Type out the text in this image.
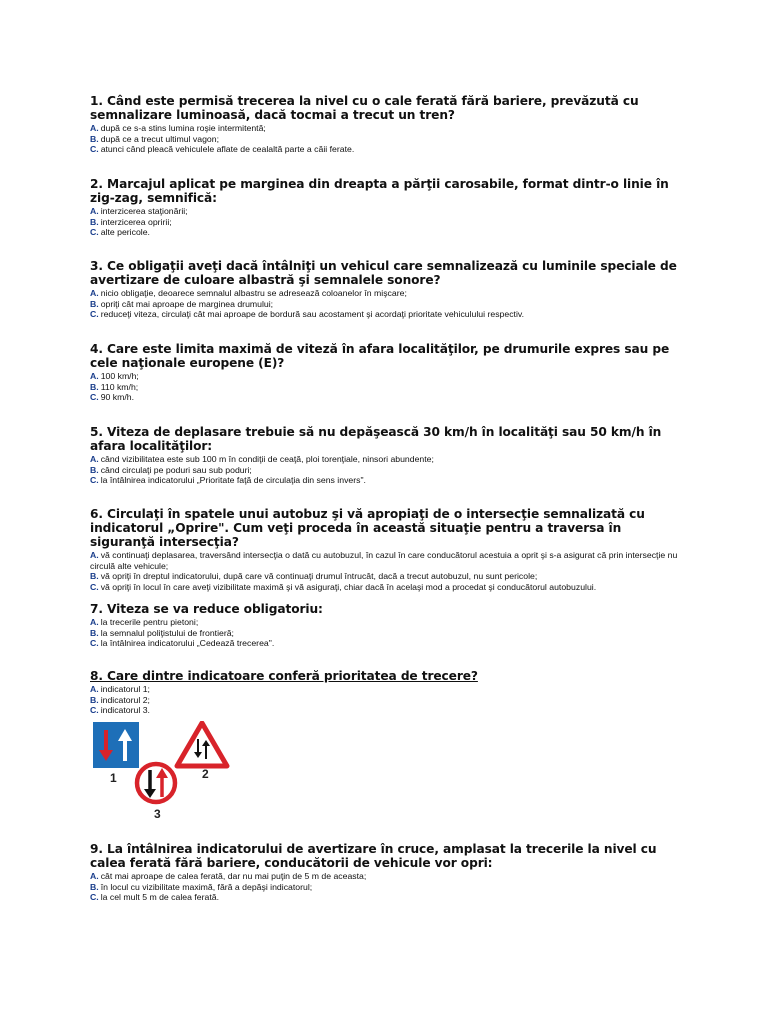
1. Când este permisă trecerea la nivel cu o cale ferată fără bariere, prevăzută cu semnalizare luminoasă, dacă tocmai a trecut un tren?
A. după ce s-a stins lumina roşie intermitentă;
B. după ce a trecut ultimul vagon;
C. atunci când pleacă vehiculele aflate de cealaltă parte a căii ferate.
2. Marcajul aplicat pe marginea din dreapta a părţii carosabile, format dintr-o linie în zig-zag, semnifică:
A. interzicerea staţionării;
B. interzicerea opririi;
C. alte pericole.
3. Ce obligaţii aveţi dacă întâlniţi un vehicul care semnalizează cu luminile speciale de avertizare de culoare albastră şi semnalele sonore?
A. nicio obligaţie, deoarece semnalul albastru se adresează coloanelor în mişcare;
B. opriţi cât mai aproape de marginea drumului;
C. reduceţi viteza, circulaţi cât mai aproape de bordură sau acostament şi acordaţi prioritate vehiculului respectiv.
4. Care este limita maximă de viteză în afara localităţilor, pe drumurile expres sau pe cele naţionale europene (E)?
A. 100 km/h;
B. 110 km/h;
C. 90 km/h.
5. Viteza de deplasare trebuie să nu depăşească 30 km/h în localităţi sau 50 km/h în afara localităţilor:
A. când vizibilitatea este sub 100 m în condiţii de ceaţă, ploi torenţiale, ninsori abundente;
B. când circulaţi pe poduri sau sub poduri;
C. la întâlnirea indicatorului „Prioritate faţă de circulaţia din sens invers".
6. Circulaţi în spatele unui autobuz şi vă apropiaţi de o intersecţie semnalizată cu indicatorul „Oprire". Cum veţi proceda în această situaţie pentru a traversa în siguranţă intersecţia?
A. vă continuaţi deplasarea, traversând intersecţia o dată cu autobuzul, în cazul în care conducătorul acestuia a oprit şi s-a asigurat că prin intersecţie nu circulă alte vehicule;
B. vă opriţi în dreptul indicatorului, după care vă continuaţi drumul întrucât, dacă a trecut autobuzul, nu sunt pericole;
C. vă opriţi în locul în care aveţi vizibilitate maximă şi vă asiguraţi, chiar dacă în acelaşi mod a procedat şi conducătorul autobuzului.
7. Viteza se va reduce obligatoriu:
A. la trecerile pentru pietoni;
B. la semnalul poliţistului de frontieră;
C. la întâlnirea indicatorului „Cedează trecerea".
8. Care dintre indicatoare conferă prioritatea de trecere?
A. indicatorul 1;
B. indicatorul 2;
C. indicatorul 3.
1	2
3
9. La întâlnirea indicatorului de avertizare în cruce, amplasat la trecerile la nivel cu calea ferată fără bariere, conducătorii de vehicule vor opri:
A. cât mai aproape de calea ferată, dar nu mai puţin de 5 m de aceasta;
B. în locul cu vizibilitate maximă, fără a depăşi indicatorul;
C. la cel mult 5 m de calea ferată.
